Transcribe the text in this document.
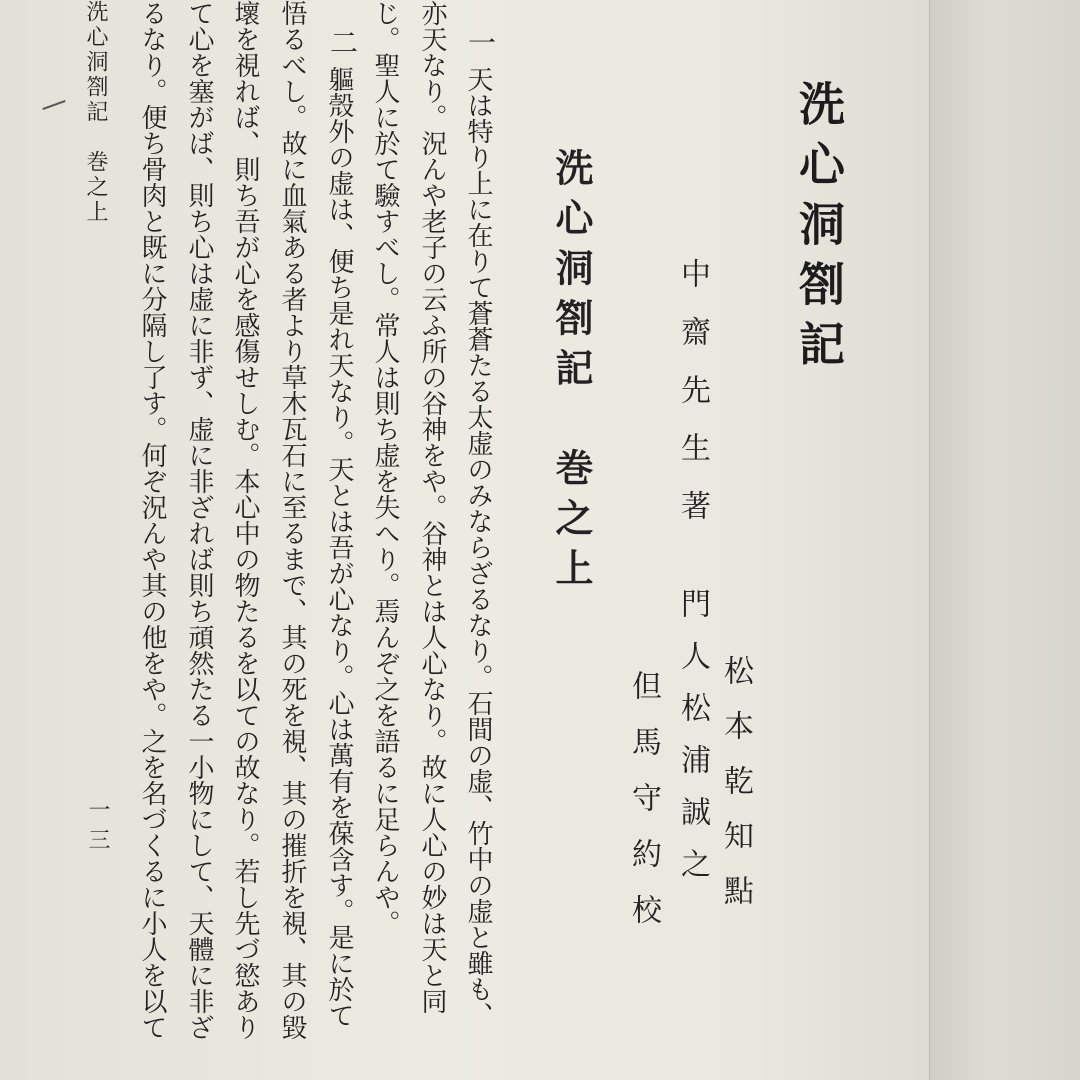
洗心洞劄記
中齋先生著
松本乾知點
門人松浦誠之
但馬守約校
洗心洞劄記　巻之上
一
二
天は特り上に在りて蒼蒼たる太虚のみならざるなり。石間の虚、竹中の虚と雖も、
亦天なり。況んや老子の云ふ所の谷神をや。谷神とは人心なり。故に人心の妙は天と同
じ。聖人に於て驗すべし。常人は則ち虚を失へり。焉んぞ之を語るに足らんや。
軀殼外の虚は、便ち是れ天なり。天とは吾が心なり。心は萬有を葆含す。是に於て
悟るべし。故に血氣ある者より草木瓦石に至るまで、其の死を視、其の摧折を視、其の毀
壞を視れば、則ち吾が心を感傷せしむ。本心中の物たるを以ての故なり。若し先づ慾あり
て心を塞がば、則ち心は虚に非ず、虚に非ざれば則ち頑然たる一小物にして、天體に非ざ
るなり。便ち骨肉と既に分隔し了す。何ぞ況んや其の他をや。之を名づくるに小人を以て
洗心洞劄記　巻之上
一三
